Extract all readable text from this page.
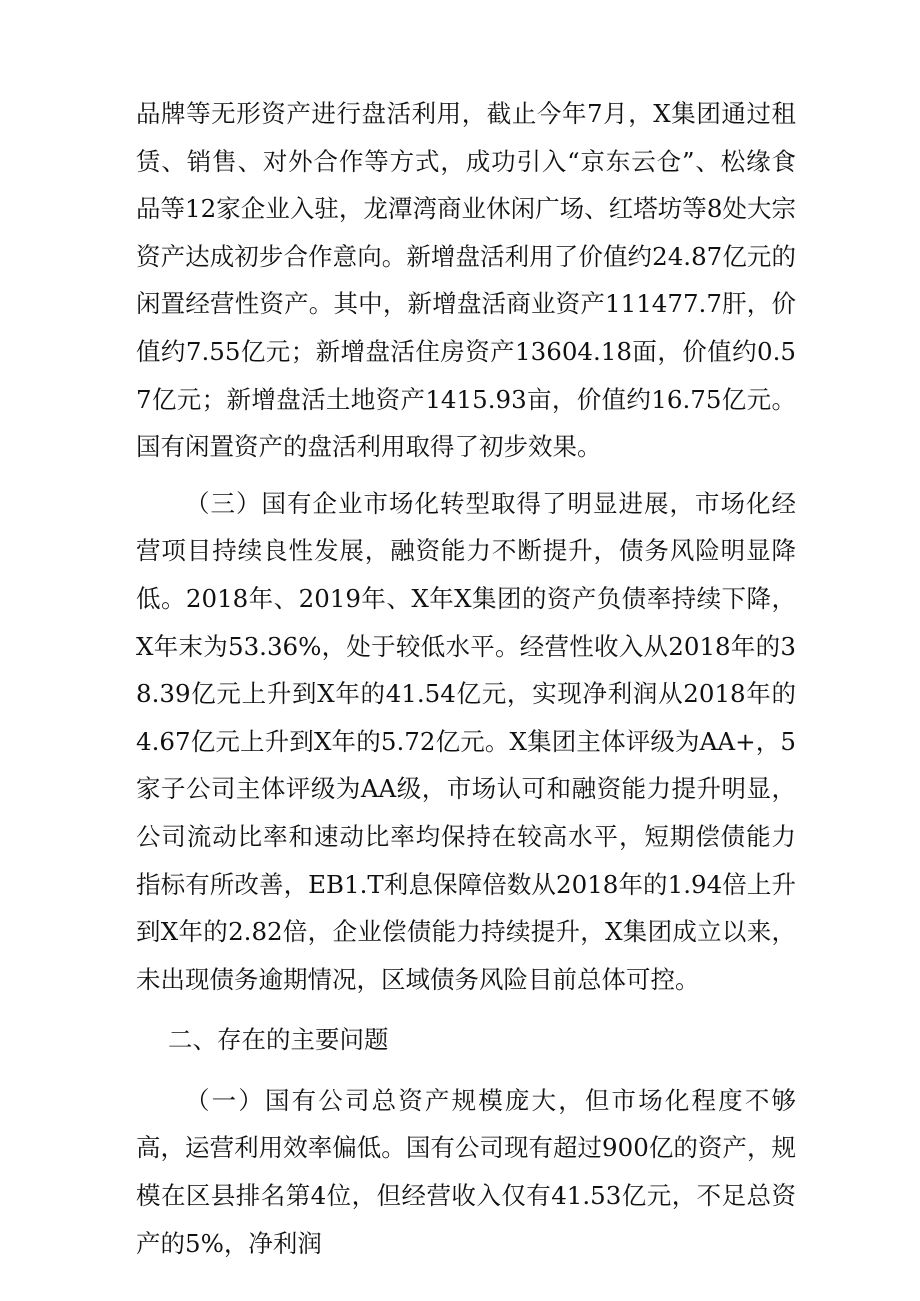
品牌等无形资产进行盘活利用，截止今年7月，X集团通过租赁、销售、对外合作等方式，成功引入“京东云仓”、松缘食品等12家企业入驻，龙潭湾商业休闲广场、红塔坊等8处大宗资产达成初步合作意向。新增盘活利用了价值约24.87亿元的闲置经营性资产。其中，新增盘活商业资产111477.7肝，价值约7.55亿元；新增盘活住房资产13604.18面，价值约0.57亿元；新增盘活土地资产1415.93亩，价值约16.75亿元。国有闲置资产的盘活利用取得了初步效果。

（三）国有企业市场化转型取得了明显进展，市场化经营项目持续良性发展，融资能力不断提升，债务风险明显降低。2018年、2019年、X年X集团的资产负债率持续下降，X年末为53.36%，处于较低水平。经营性收入从2018年的38.39亿元上升到X年的41.54亿元，实现净利润从2018年的4.67亿元上升到X年的5.72亿元。X集团主体评级为AA+，5家子公司主体评级为AA级，市场认可和融资能力提升明显，公司流动比率和速动比率均保持在较高水平，短期偿债能力指标有所改善，EB1.T利息保障倍数从2018年的1.94倍上升到X年的2.82倍，企业偿债能力持续提升，X集团成立以来，未出现债务逾期情况，区域债务风险目前总体可控。

二、存在的主要问题

（一）国有公司总资产规模庞大，但市场化程度不够高，运营利用效率偏低。国有公司现有超过900亿的资产，规模在区县排名第4位，但经营收入仅有41.53亿元，不足总资产的5%，净利润
